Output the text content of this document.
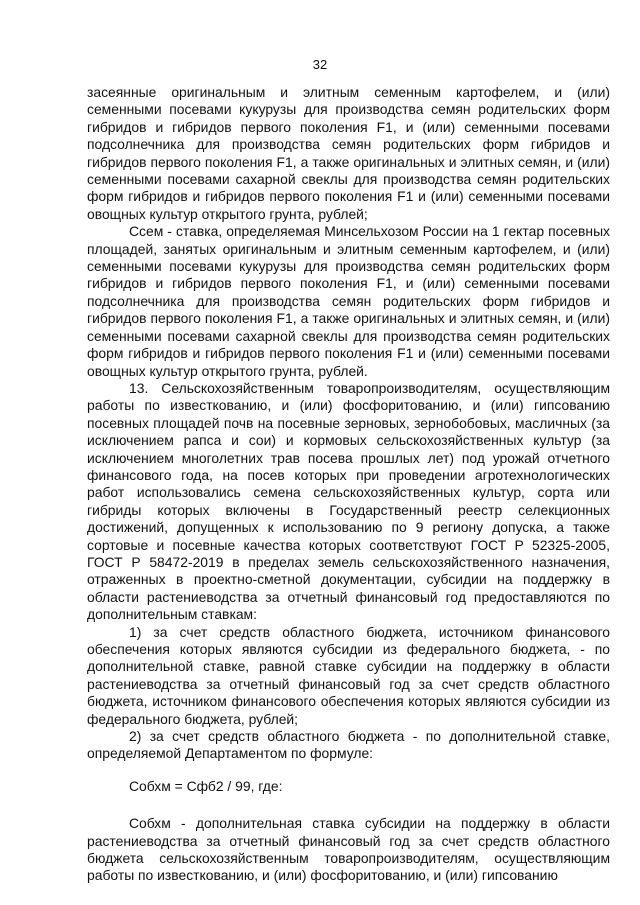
32

засеянные оригинальным и элитным семенным картофелем, и (или) семенными посевами кукурузы для производства семян родительских форм гибридов и гибридов первого поколения F1, и (или) семенными посевами подсолнечника для производства семян родительских форм гибридов и гибридов первого поколения F1, а также оригинальных и элитных семян, и (или) семенными посевами сахарной свеклы для производства семян родительских форм гибридов и гибридов первого поколения F1 и (или) семенными посевами овощных культур открытого грунта, рублей;

Ссем - ставка, определяемая Минсельхозом России на 1 гектар посевных площадей, занятых оригинальным и элитным семенным картофелем, и (или) семенными посевами кукурузы для производства семян родительских форм гибридов и гибридов первого поколения F1, и (или) семенными посевами подсолнечника для производства семян родительских форм гибридов и гибридов первого поколения F1, а также оригинальных и элитных семян, и (или) семенными посевами сахарной свеклы для производства семян родительских форм гибридов и гибридов первого поколения F1 и (или) семенными посевами овощных культур открытого грунта, рублей.

13. Сельскохозяйственным товаропроизводителям, осуществляющим работы по известкованию, и (или) фосфоритованию, и (или) гипсованию посевных площадей почв на посевные зерновых, зернобобовых, масличных (за исключением рапса и сои) и кормовых сельскохозяйственных культур (за исключением многолетних трав посева прошлых лет) под урожай отчетного финансового года, на посев которых при проведении агротехнологических работ использовались семена сельскохозяйственных культур, сорта или гибриды которых включены в Государственный реестр селекционных достижений, допущенных к использованию по 9 региону допуска, а также сортовые и посевные качества которых соответствуют ГОСТ Р 52325-2005, ГОСТ Р 58472-2019 в пределах земель сельскохозяйственного назначения, отраженных в проектно-сметной документации, субсидии на поддержку в области растениеводства за отчетный финансовый год предоставляются по дополнительным ставкам:

1) за счет средств областного бюджета, источником финансового обеспечения которых являются субсидии из федерального бюджета, - по дополнительной ставке, равной ставке субсидии на поддержку в области растениеводства за отчетный финансовый год за счет средств областного бюджета, источником финансового обеспечения которых являются субсидии из федерального бюджета, рублей;

2) за счет средств областного бюджета - по дополнительной ставке, определяемой Департаментом по формуле:

Собхм = Сфб2 / 99, где:

Собхм - дополнительная ставка субсидии на поддержку в области растениеводства за отчетный финансовый год за счет средств областного бюджета сельскохозяйственным товаропроизводителям, осуществляющим работы по известкованию, и (или) фосфоритованию, и (или) гипсованию
